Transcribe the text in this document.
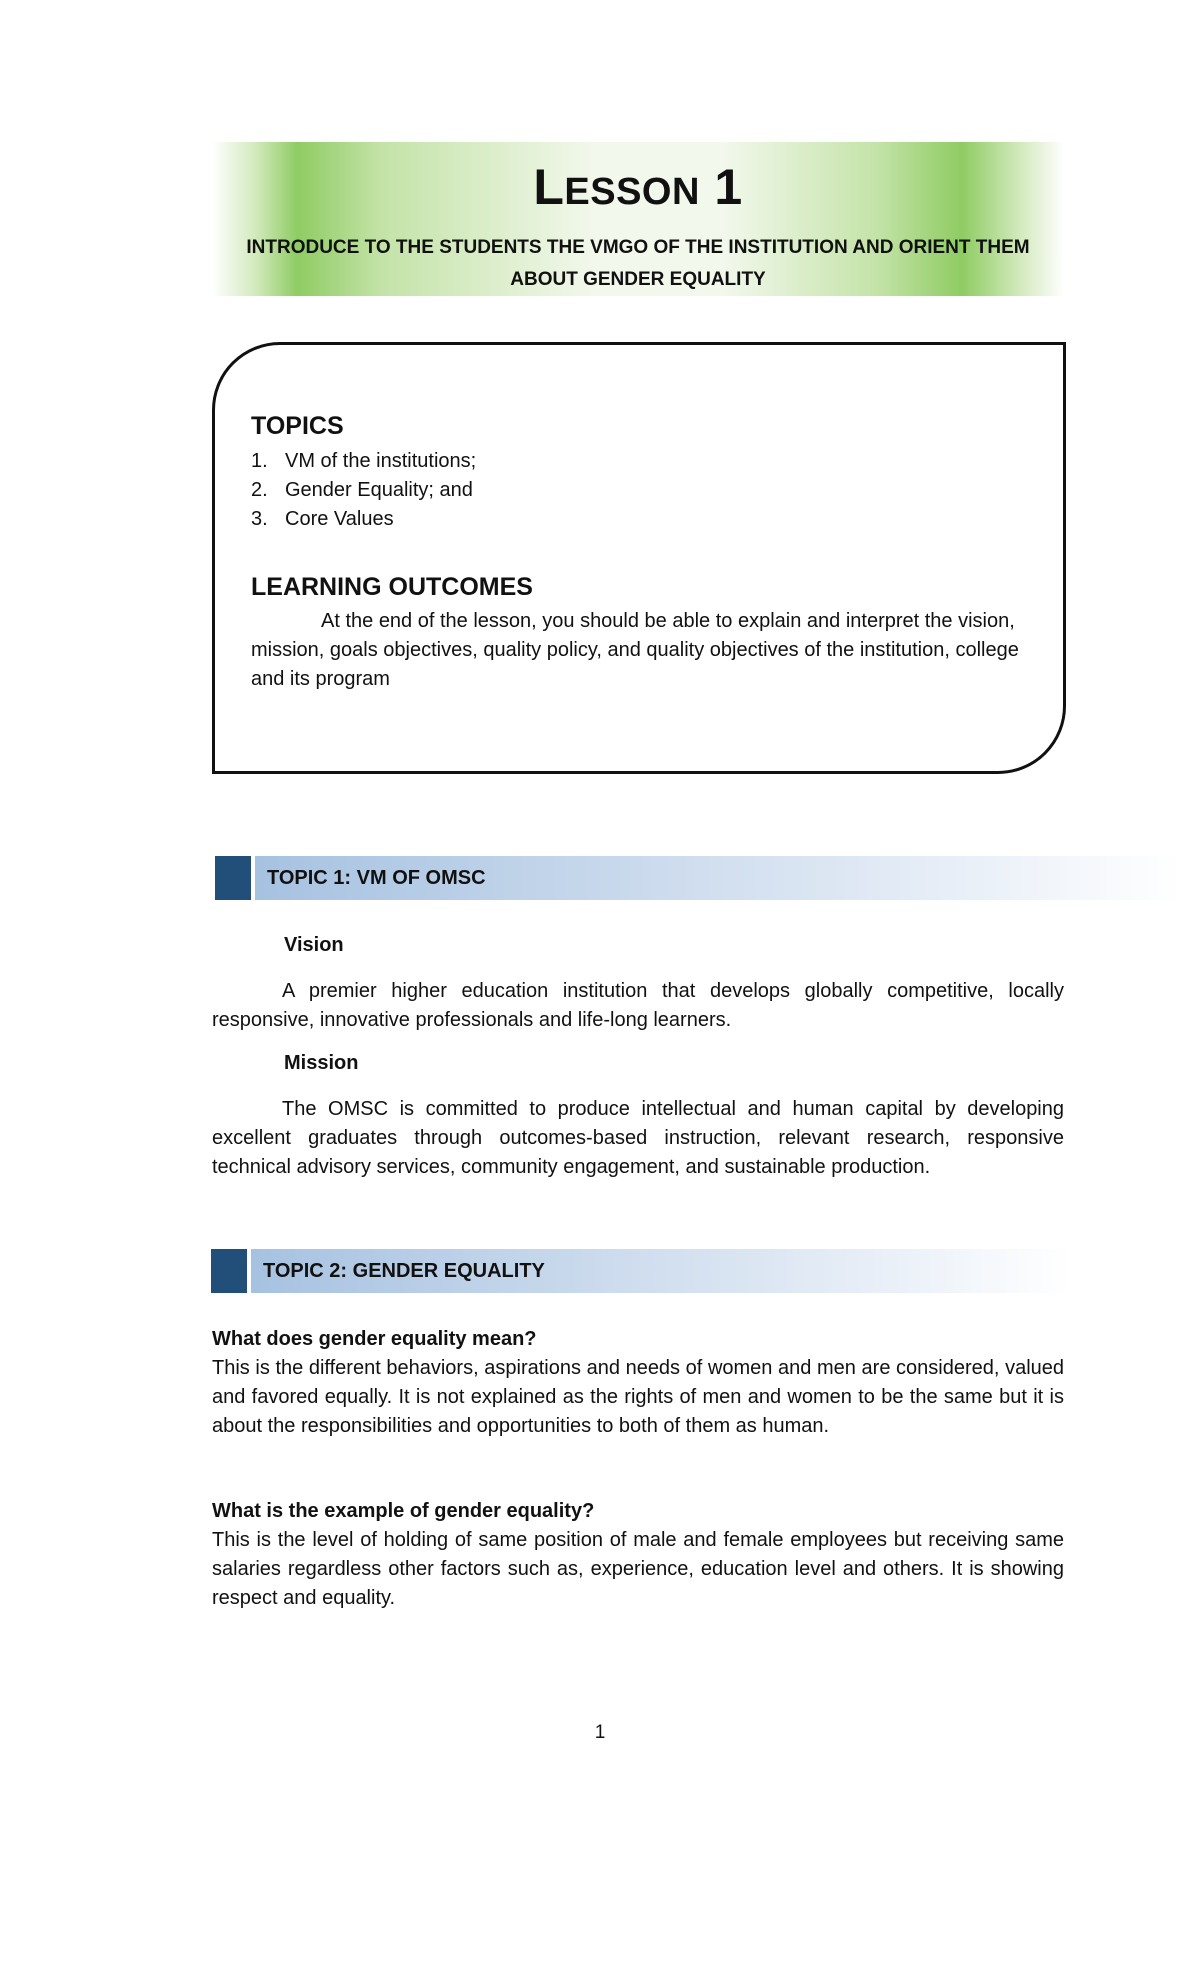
LESSON 1
INTRODUCE TO THE STUDENTS THE VMGO OF THE INSTITUTION AND ORIENT THEM
ABOUT GENDER EQUALITY
TOPICS
1. VM of the institutions;
2. Gender Equality; and
3. Core Values
LEARNING OUTCOMES

At the end of the lesson, you should be able to explain and interpret the vision, mission, goals objectives, quality policy, and quality objectives of the institution, college and its program

TOPIC 1: VM OF OMSC
Vision

A premier higher education institution that develops globally competitive, locally responsive, innovative professionals and life-long learners.

Mission

The OMSC is committed to produce intellectual and human capital by developing excellent graduates through outcomes-based instruction, relevant research, responsive technical advisory services, community engagement, and sustainable production.

TOPIC 2: GENDER EQUALITY
What does gender equality mean?

This is the different behaviors, aspirations and needs of women and men are considered, valued and favored equally. It is not explained as the rights of men and women to be the same but it is about the responsibilities and opportunities to both of them as human.

What is the example of gender equality?

This is the level of holding of same position of male and female employees but receiving same salaries regardless other factors such as, experience, education level and others. It is showing respect and equality.

1
